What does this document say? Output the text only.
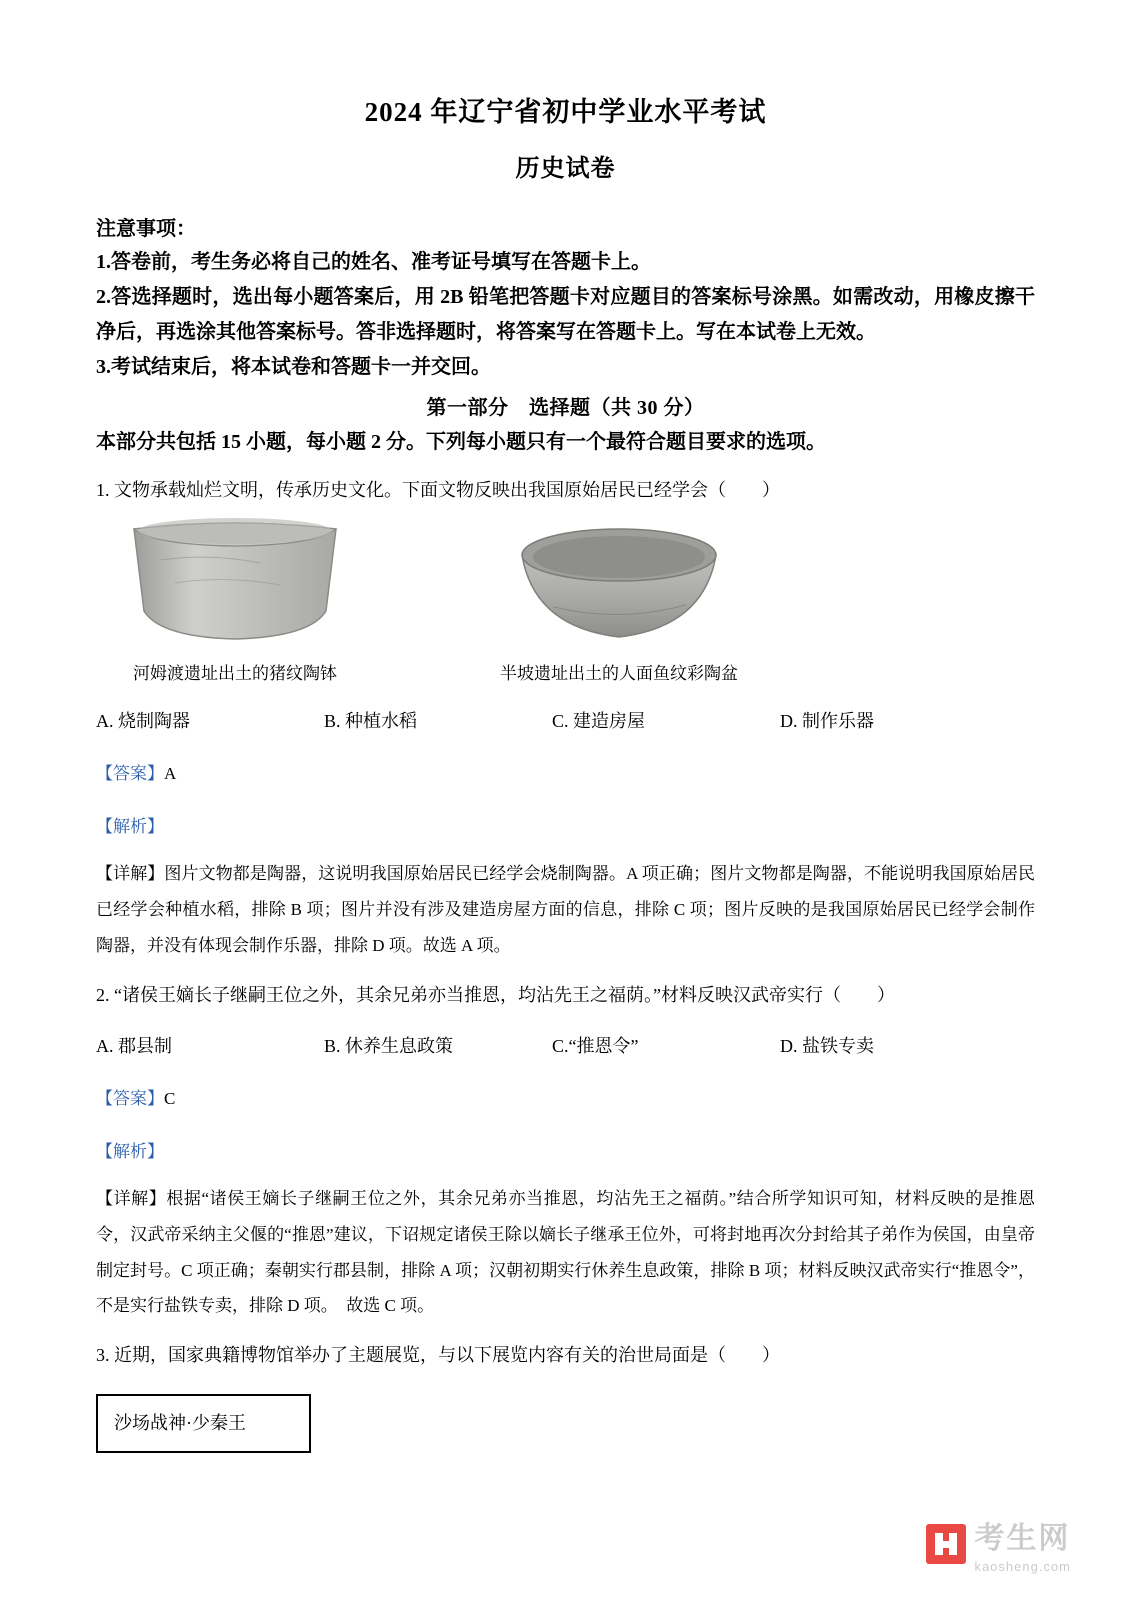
2024 年辽宁省初中学业水平考试
历史试卷
注意事项：
1.答卷前，考生务必将自己的姓名、准考证号填写在答题卡上。
2.答选择题时，选出每小题答案后，用 2B 铅笔把答题卡对应题目的答案标号涂黑。如需改动，用橡皮擦干净后，再选涂其他答案标号。答非选择题时，将答案写在答题卡上。写在本试卷上无效。
3.考试结束后，将本试卷和答题卡一并交回。
第一部分　选择题（共 30 分）
本部分共包括 15 小题，每小题 2 分。下列每小题只有一个最符合题目要求的选项。
1. 文物承载灿烂文明，传承历史文化。下面文物反映出我国原始居民已经学会（　　）
河姆渡遗址出土的猪纹陶钵	半坡遗址出土的人面鱼纹彩陶盆
A. 烧制陶器	B. 种植水稻	C. 建造房屋	D. 制作乐器
【答案】A
【解析】
【详解】图片文物都是陶器，这说明我国原始居民已经学会烧制陶器。A 项正确；图片文物都是陶器，不能说明我国原始居民已经学会种植水稻，排除 B 项；图片并没有涉及建造房屋方面的信息，排除 C 项；图片反映的是我国原始居民已经学会制作陶器，并没有体现会制作乐器，排除 D 项。故选 A 项。
2. “诸侯王嫡长子继嗣王位之外，其余兄弟亦当推恩，均沾先王之福荫。”材料反映汉武帝实行（　　）
A. 郡县制	B. 休养生息政策	C.“推恩令”	D. 盐铁专卖
【答案】C
【解析】
【详解】根据“诸侯王嫡长子继嗣王位之外，其余兄弟亦当推恩，均沾先王之福荫。”结合所学知识可知，材料反映的是推恩令，汉武帝采纳主父偃的“推恩”建议，下诏规定诸侯王除以嫡长子继承王位外，可将封地再次分封给其子弟作为侯国，由皇帝制定封号。C 项正确；秦朝实行郡县制，排除 A 项；汉朝初期实行休养生息政策，排除 B 项；材料反映汉武帝实行“推恩令”，不是实行盐铁专卖，排除 D 项。　故选 C 项。
3. 近期，国家典籍博物馆举办了主题展览，与以下展览内容有关的治世局面是（　　）
沙场战神·少秦王
考生网
kaosheng.com
